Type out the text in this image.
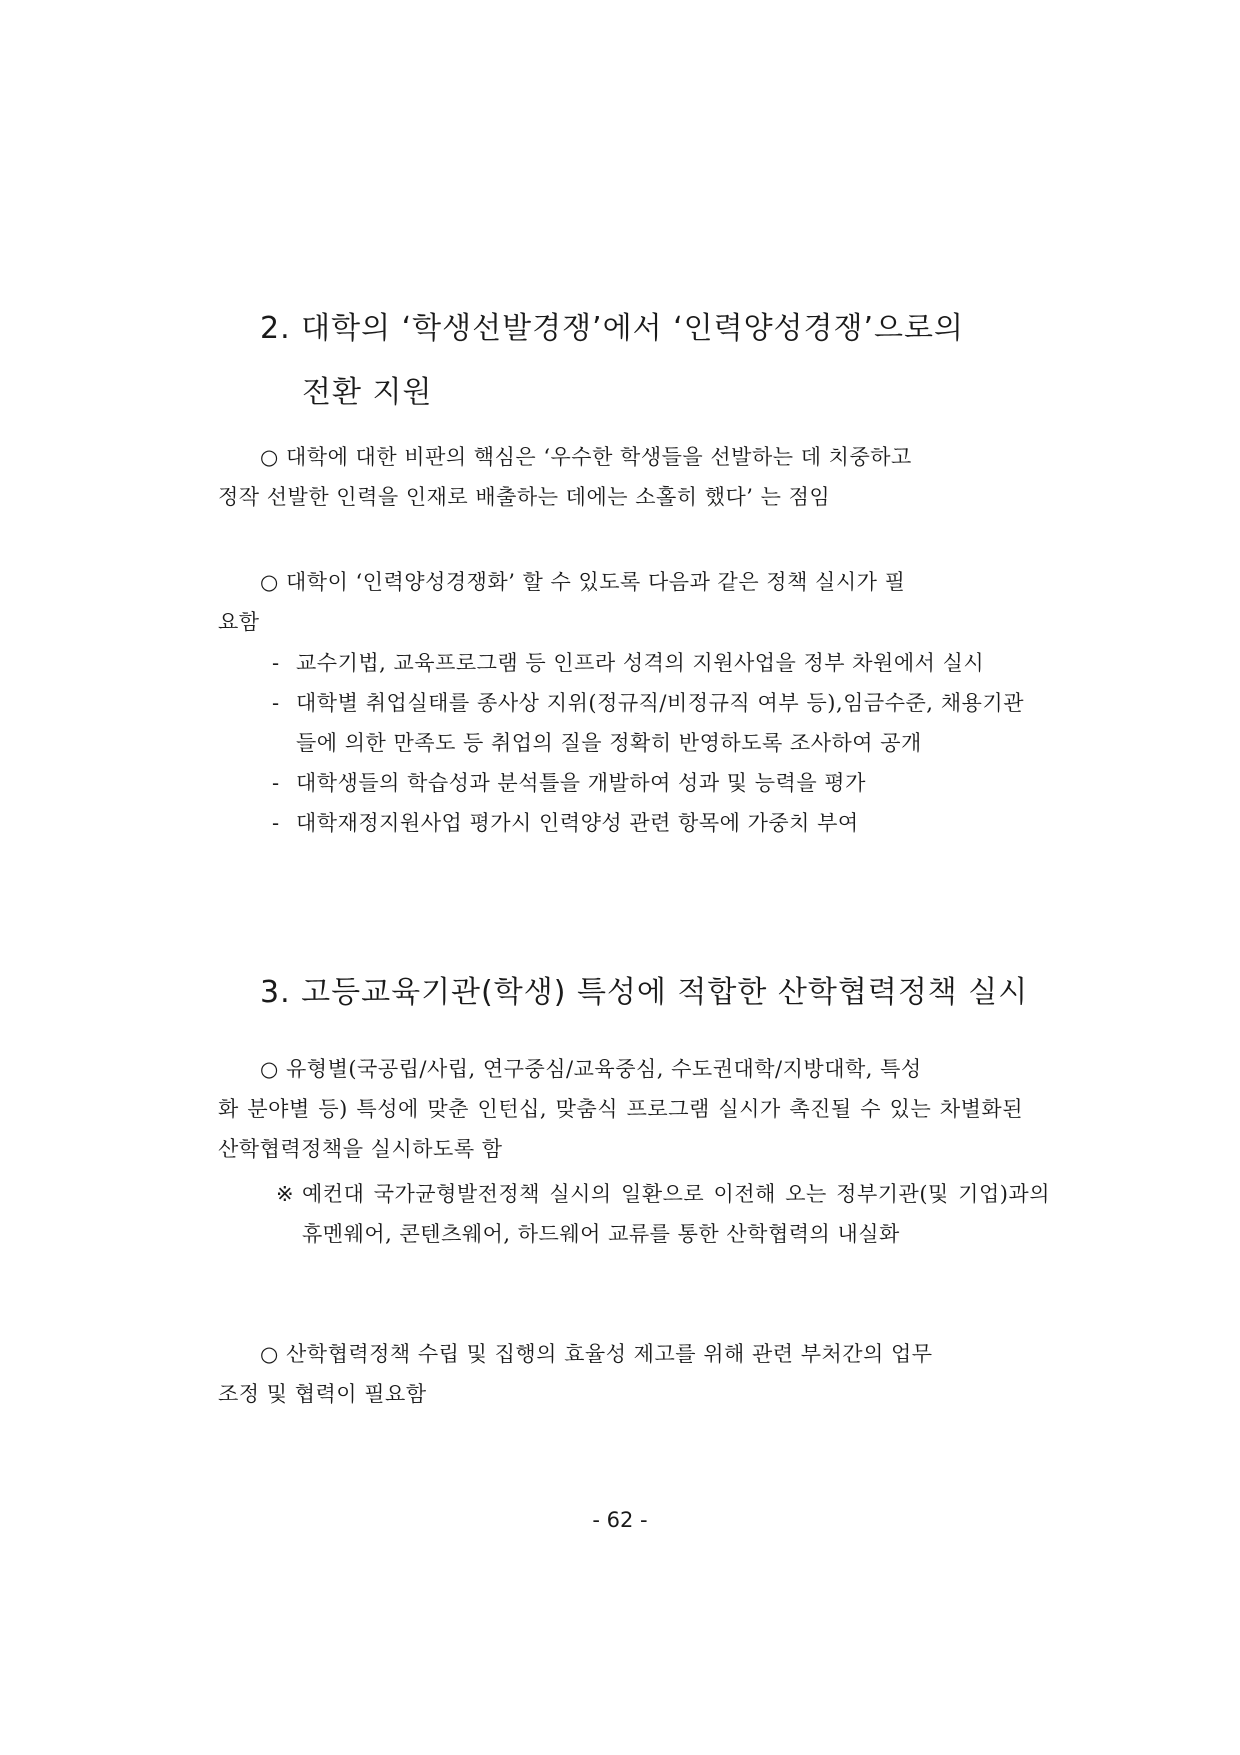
2. 대학의 ‘학생선발경쟁’에서 ‘인력양성경쟁’으로의
전환 지원

○ 대학에 대한 비판의 핵심은 ‘우수한 학생들을 선발하는 데 치중하고
정작 선발한 인력을 인재로 배출하는 데에는 소홀히 했다’ 는 점임

○ 대학이 ‘인력양성경쟁화’ 할 수 있도록 다음과 같은 정책 실시가 필
요함

- 교수기법, 교육프로그램 등 인프라 성격의 지원사업을 정부 차원에서 실시
- 대학별 취업실태를 종사상 지위(정규직/비정규직 여부 등),임금수준, 채용기관들에 의한 만족도 등 취업의 질을 정확히 반영하도록 조사하여 공개
- 대학생들의 학습성과 분석틀을 개발하여 성과 및 능력을 평가
- 대학재정지원사업 평가시 인력양성 관련 항목에 가중치 부여
3. 고등교육기관(학생) 특성에 적합한 산학협력정책 실시

○ 유형별(국공립/사립, 연구중심/교육중심, 수도권대학/지방대학, 특성
화 분야별 등) 특성에 맞춘 인턴십, 맞춤식 프로그램 실시가 촉진될 수 있는 차별화된 산학협력정책을 실시하도록 함

※ 예컨대 국가균형발전정책 실시의 일환으로 이전해 오는 정부기관(및 기업)과의 휴멘웨어, 콘텐츠웨어, 하드웨어 교류를 통한 산학협력의 내실화

○ 산학협력정책 수립 및 집행의 효율성 제고를 위해 관련 부처간의 업무
조정 및 협력이 필요함

- 62 -
